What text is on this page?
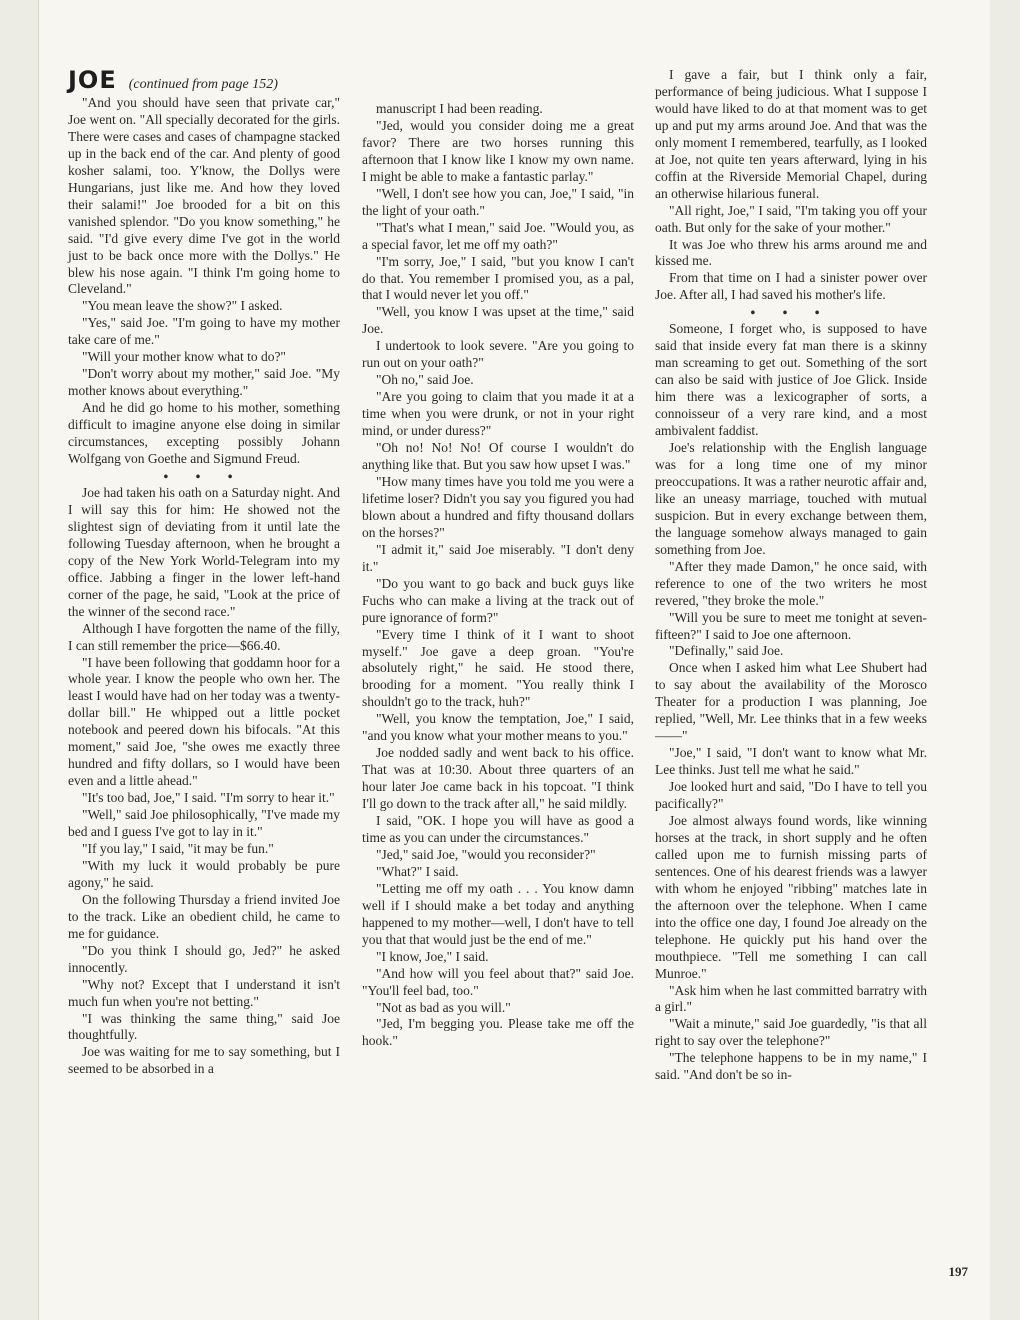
JOE (continued from page 152)

"And you should have seen that private car," Joe went on. "All specially decorated for the girls. There were cases and cases of champagne stacked up in the back end of the car. And plenty of good kosher salami, too. Y'know, the Dollys were Hungarians, just like me. And how they loved their salami!" Joe brooded for a bit on this vanished splendor. "Do you know something," he said. "I'd give every dime I've got in the world just to be back once more with the Dollys." He blew his nose again. "I think I'm going home to Cleveland."

"You mean leave the show?" I asked.

"Yes," said Joe. "I'm going to have my mother take care of me."

"Will your mother know what to do?"

"Don't worry about my mother," said Joe. "My mother knows about everything."

And he did go home to his mother, something difficult to imagine anyone else doing in similar circumstances, excepting possibly Johann Wolfgang von Goethe and Sigmund Freud.

• • •

Joe had taken his oath on a Saturday night. And I will say this for him: He showed not the slightest sign of deviating from it until late the following Tuesday afternoon, when he brought a copy of the New York World-Telegram into my office. Jabbing a finger in the lower left-hand corner of the page, he said, "Look at the price of the winner of the second race."

Although I have forgotten the name of the filly, I can still remember the price—$66.40.

"I have been following that goddamn hoor for a whole year. I know the people who own her. The least I would have had on her today was a twenty-dollar bill." He whipped out a little pocket notebook and peered down his bifocals. "At this moment," said Joe, "she owes me exactly three hundred and fifty dollars, so I would have been even and a little ahead."

"It's too bad, Joe," I said. "I'm sorry to hear it."

"Well," said Joe philosophically, "I've made my bed and I guess I've got to lay in it."

"If you lay," I said, "it may be fun."

"With my luck it would probably be pure agony," he said.

On the following Thursday a friend invited Joe to the track. Like an obedient child, he came to me for guidance.

"Do you think I should go, Jed?" he asked innocently.

"Why not? Except that I understand it isn't much fun when you're not betting."

"I was thinking the same thing," said Joe thoughtfully.

Joe was waiting for me to say something, but I seemed to be absorbed in a

manuscript I had been reading.

"Jed, would you consider doing me a great favor? There are two horses running this afternoon that I know like I know my own name. I might be able to make a fantastic parlay."

"Well, I don't see how you can, Joe," I said, "in the light of your oath."

"That's what I mean," said Joe. "Would you, as a special favor, let me off my oath?"

"I'm sorry, Joe," I said, "but you know I can't do that. You remember I promised you, as a pal, that I would never let you off."

"Well, you know I was upset at the time," said Joe.

I undertook to look severe. "Are you going to run out on your oath?"

"Oh no," said Joe.

"Are you going to claim that you made it at a time when you were drunk, or not in your right mind, or under duress?"

"Oh no! No! No! Of course I wouldn't do anything like that. But you saw how upset I was."

"How many times have you told me you were a lifetime loser? Didn't you say you figured you had blown about a hundred and fifty thousand dollars on the horses?"

"I admit it," said Joe miserably. "I don't deny it."

"Do you want to go back and buck guys like Fuchs who can make a living at the track out of pure ignorance of form?"

"Every time I think of it I want to shoot myself." Joe gave a deep groan. "You're absolutely right," he said. He stood there, brooding for a moment. "You really think I shouldn't go to the track, huh?"

"Well, you know the temptation, Joe," I said, "and you know what your mother means to you."

Joe nodded sadly and went back to his office. That was at 10:30. About three quarters of an hour later Joe came back in his topcoat. "I think I'll go down to the track after all," he said mildly.

I said, "OK. I hope you will have as good a time as you can under the circumstances."

"Jed," said Joe, "would you reconsider?"

"What?" I said.

"Letting me off my oath . . . You know damn well if I should make a bet today and anything happened to my mother—well, I don't have to tell you that that would just be the end of me."

"I know, Joe," I said.

"And how will you feel about that?" said Joe. "You'll feel bad, too."

"Not as bad as you will."

"Jed, I'm begging you. Please take me off the hook."

I gave a fair, but I think only a fair, performance of being judicious. What I suppose I would have liked to do at that moment was to get up and put my arms around Joe. And that was the only moment I remembered, tearfully, as I looked at Joe, not quite ten years afterward, lying in his coffin at the Riverside Memorial Chapel, during an otherwise hilarious funeral.

"All right, Joe," I said, "I'm taking you off your oath. But only for the sake of your mother."

It was Joe who threw his arms around me and kissed me.

From that time on I had a sinister power over Joe. After all, I had saved his mother's life.

• • •

Someone, I forget who, is supposed to have said that inside every fat man there is a skinny man screaming to get out. Something of the sort can also be said with justice of Joe Glick. Inside him there was a lexicographer of sorts, a connoisseur of a very rare kind, and a most ambivalent faddist.

Joe's relationship with the English language was for a long time one of my minor preoccupations. It was a rather neurotic affair and, like an uneasy marriage, touched with mutual suspicion. But in every exchange between them, the language somehow always managed to gain something from Joe.

"After they made Damon," he once said, with reference to one of the two writers he most revered, "they broke the mole."

"Will you be sure to meet me tonight at seven-fifteen?" I said to Joe one afternoon.

"Definally," said Joe.

Once when I asked him what Lee Shubert had to say about the availability of the Morosco Theater for a production I was planning, Joe replied, "Well, Mr. Lee thinks that in a few weeks——"

"Joe," I said, "I don't want to know what Mr. Lee thinks. Just tell me what he said."

Joe looked hurt and said, "Do I have to tell you pacifically?"

Joe almost always found words, like winning horses at the track, in short supply and he often called upon me to furnish missing parts of sentences. One of his dearest friends was a lawyer with whom he enjoyed "ribbing" matches late in the afternoon over the telephone. When I came into the office one day, I found Joe already on the telephone. He quickly put his hand over the mouthpiece. "Tell me something I can call Munroe."

"Ask him when he last committed barratry with a girl."

"Wait a minute," said Joe guardedly, "is that all right to say over the telephone?"

"The telephone happens to be in my name," I said. "And don't be so in-

197
